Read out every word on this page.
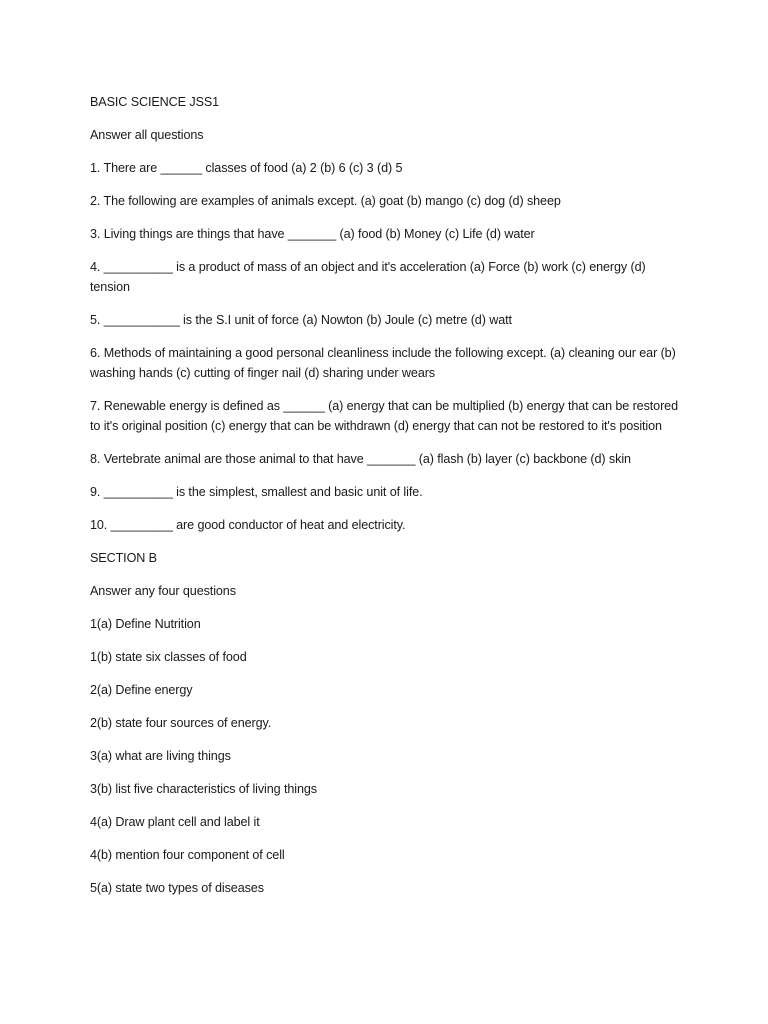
BASIC SCIENCE JSS1

Answer all questions

1. There are ______ classes of food (a) 2 (b) 6 (c) 3 (d) 5

2. The following are examples of animals except. (a) goat (b) mango (c) dog (d) sheep

3. Living things are things that have _______ (a) food (b) Money (c) Life (d) water

4. __________ is a product of mass of an object and it's acceleration (a) Force (b) work (c) energy (d) tension

5. ___________ is the S.I unit of force (a) Nowton (b) Joule (c) metre (d) watt

6. Methods of maintaining a good personal cleanliness include the following except. (a) cleaning our ear (b) washing hands (c) cutting of finger nail (d) sharing under wears

7. Renewable energy is defined as ______ (a) energy that can be multiplied (b) energy that can be restored to it's original position (c) energy that can be withdrawn (d) energy that can not be restored to it's position

8. Vertebrate animal are those animal to that have _______ (a) flash (b) layer (c) backbone (d) skin

9. __________ is the simplest, smallest and basic unit of life.

10. _________ are good conductor of heat and electricity.

SECTION B

Answer any four questions

1(a) Define Nutrition

1(b) state six classes of food

2(a) Define energy

2(b) state four sources of energy.

3(a) what are living things

3(b) list five characteristics of living things

4(a) Draw plant cell and label it

4(b) mention four component of cell

5(a) state two types of diseases
